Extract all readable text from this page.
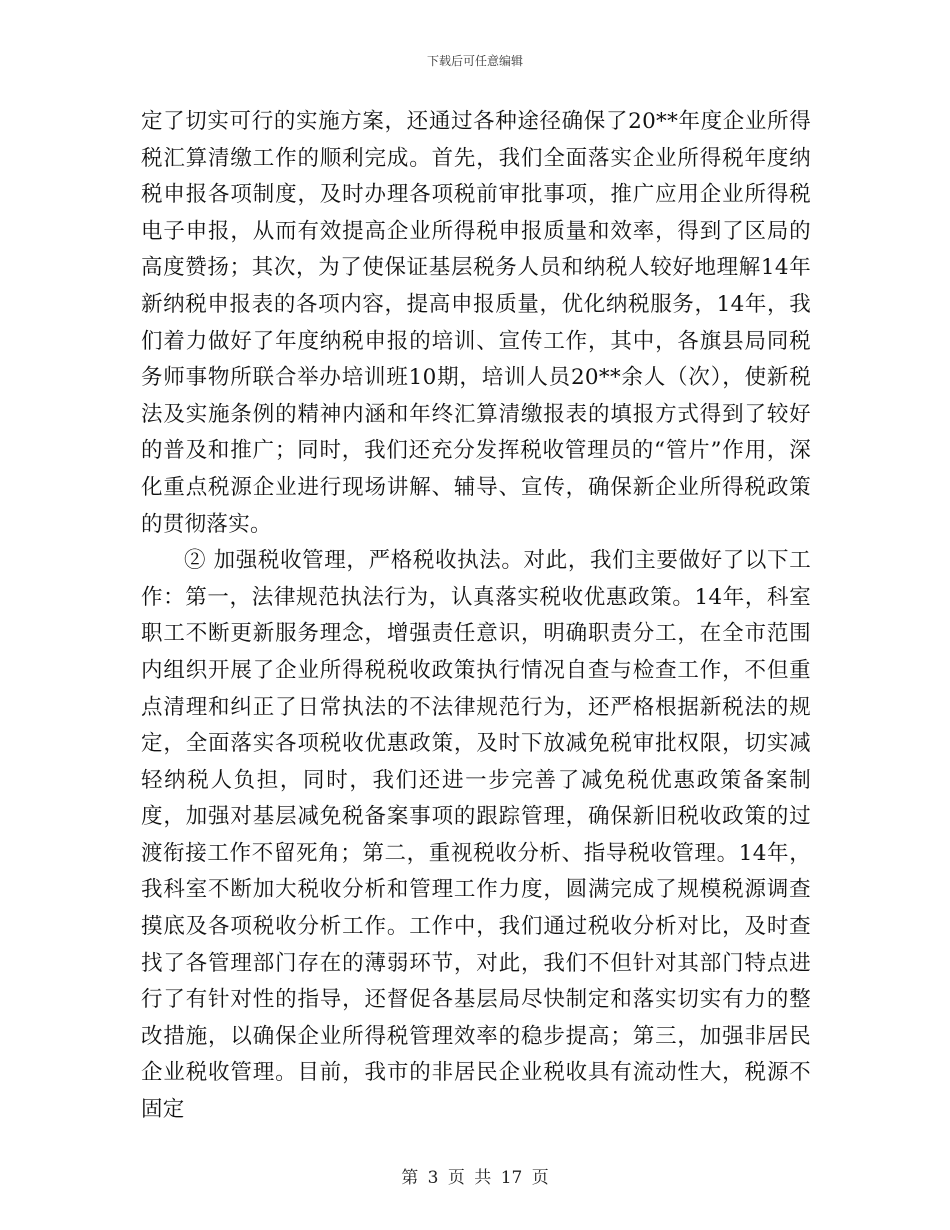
下载后可任意编辑

定了切实可行的实施方案，还通过各种途径确保了20**年度企业所得税汇算清缴工作的顺利完成。首先，我们全面落实企业所得税年度纳税申报各项制度，及时办理各项税前审批事项，推广应用企业所得税电子申报，从而有效提高企业所得税申报质量和效率，得到了区局的高度赞扬；其次，为了使保证基层税务人员和纳税人较好地理解14年新纳税申报表的各项内容，提高申报质量，优化纳税服务，14年，我们着力做好了年度纳税申报的培训、宣传工作，其中，各旗县局同税务师事物所联合举办培训班10期，培训人员20**余人（次），使新税法及实施条例的精神内涵和年终汇算清缴报表的填报方式得到了较好的普及和推广；同时，我们还充分发挥税收管理员的“管片”作用，深化重点税源企业进行现场讲解、辅导、宣传，确保新企业所得税政策的贯彻落实。

② 加强税收管理，严格税收执法。对此，我们主要做好了以下工作：第一，法律规范执法行为，认真落实税收优惠政策。14年，科室职工不断更新服务理念，增强责任意识，明确职责分工，在全市范围内组织开展了企业所得税税收政策执行情况自查与检查工作，不但重点清理和纠正了日常执法的不法律规范行为，还严格根据新税法的规定，全面落实各项税收优惠政策，及时下放减免税审批权限，切实减轻纳税人负担，同时，我们还进一步完善了减免税优惠政策备案制度，加强对基层减免税备案事项的跟踪管理，确保新旧税收政策的过渡衔接工作不留死角；第二，重视税收分析、指导税收管理。14年，我科室不断加大税收分析和管理工作力度，圆满完成了规模税源调查摸底及各项税收分析工作。工作中，我们通过税收分析对比，及时查找了各管理部门存在的薄弱环节，对此，我们不但针对其部门特点进行了有针对性的指导，还督促各基层局尽快制定和落实切实有力的整改措施，以确保企业所得税管理效率的稳步提高；第三，加强非居民企业税收管理。目前，我市的非居民企业税收具有流动性大，税源不固定

第 3 页 共 17 页
